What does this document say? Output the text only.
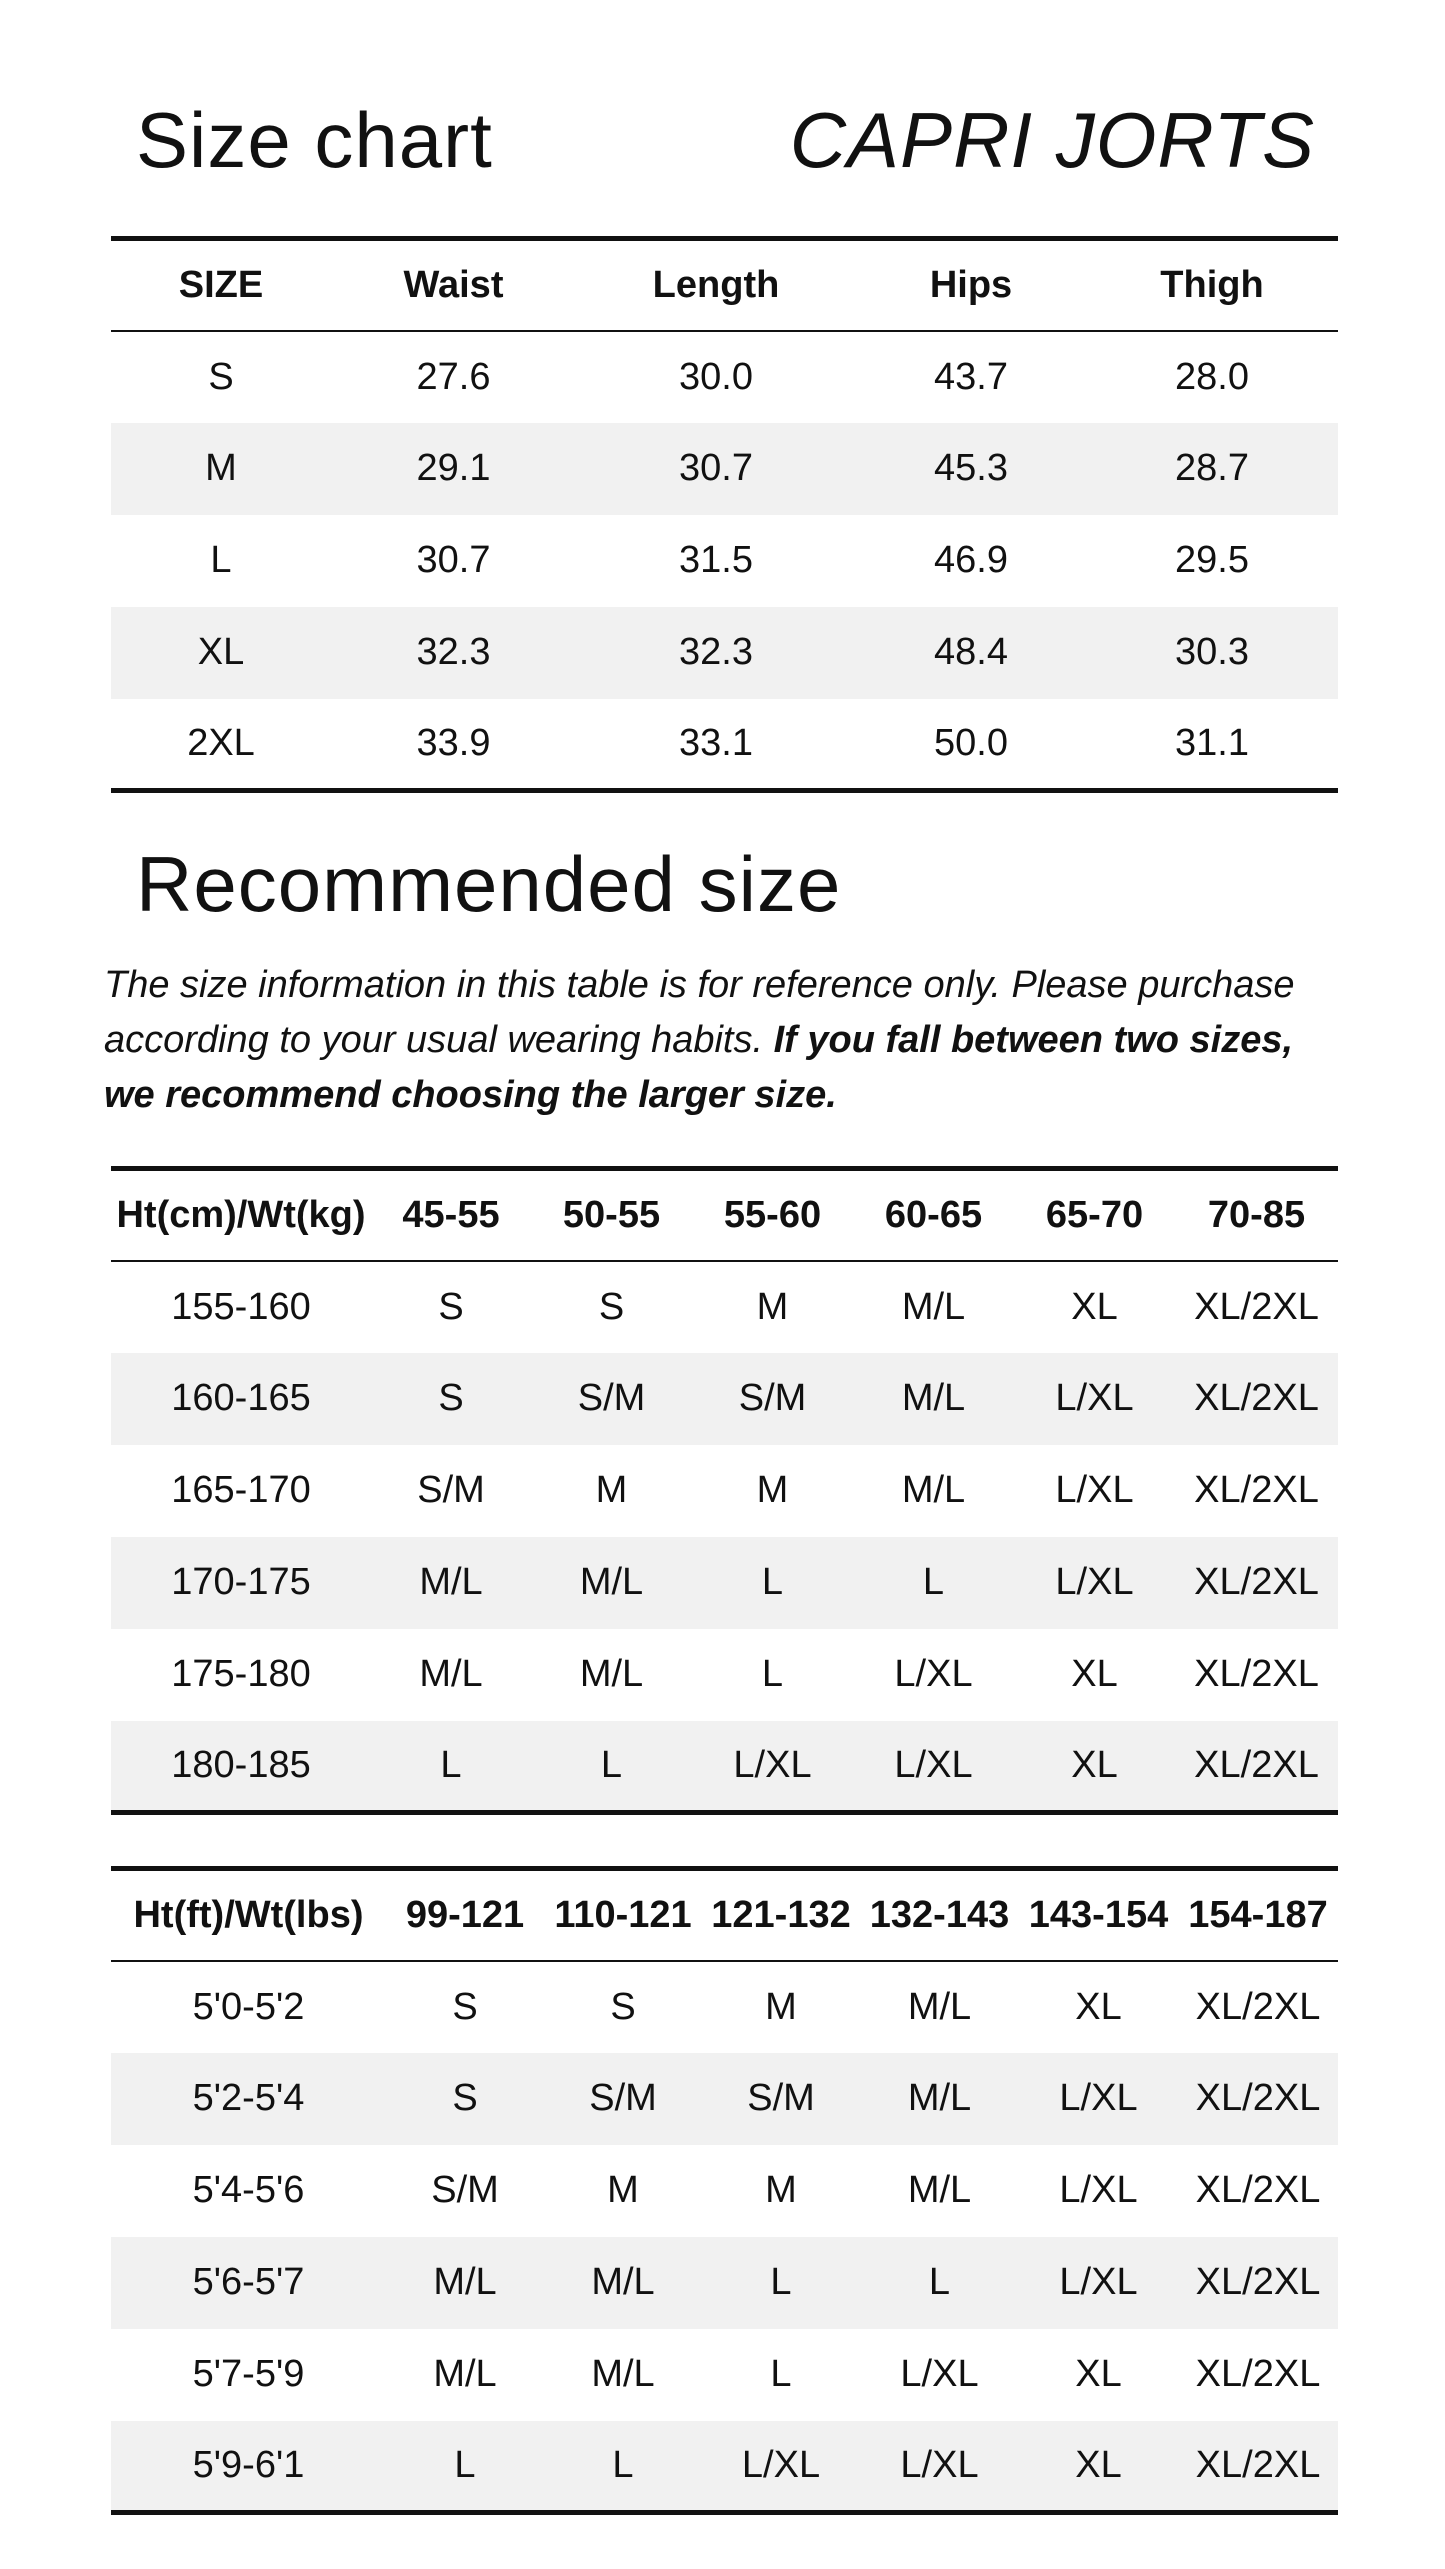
Size chart	CAPRI JORTS
SIZE	Waist	Length	Hips	Thigh
S	27.6	30.0	43.7	28.0
M	29.1	30.7	45.3	28.7
L	30.7	31.5	46.9	29.5
XL	32.3	32.3	48.4	30.3
2XL	33.9	33.1	50.0	31.1
Recommended size
The size information in this table is for reference only. Please purchase according to your usual wearing habits. If you fall between two sizes, we recommend choosing the larger size.
Ht(cm)/Wt(kg)	45-55	50-55	55-60	60-65	65-70	70-85
155-160	S	S	M	M/L	XL	XL/2XL
160-165	S	S/M	S/M	M/L	L/XL	XL/2XL
165-170	S/M	M	M	M/L	L/XL	XL/2XL
170-175	M/L	M/L	L	L	L/XL	XL/2XL
175-180	M/L	M/L	L	L/XL	XL	XL/2XL
180-185	L	L	L/XL	L/XL	XL	XL/2XL
Ht(ft)/Wt(lbs)	99-121	110-121	121-132	132-143	143-154	154-187
5'0-5'2	S	S	M	M/L	XL	XL/2XL
5'2-5'4	S	S/M	S/M	M/L	L/XL	XL/2XL
5'4-5'6	S/M	M	M	M/L	L/XL	XL/2XL
5'6-5'7	M/L	M/L	L	L	L/XL	XL/2XL
5'7-5'9	M/L	M/L	L	L/XL	XL	XL/2XL
5'9-6'1	L	L	L/XL	L/XL	XL	XL/2XL
